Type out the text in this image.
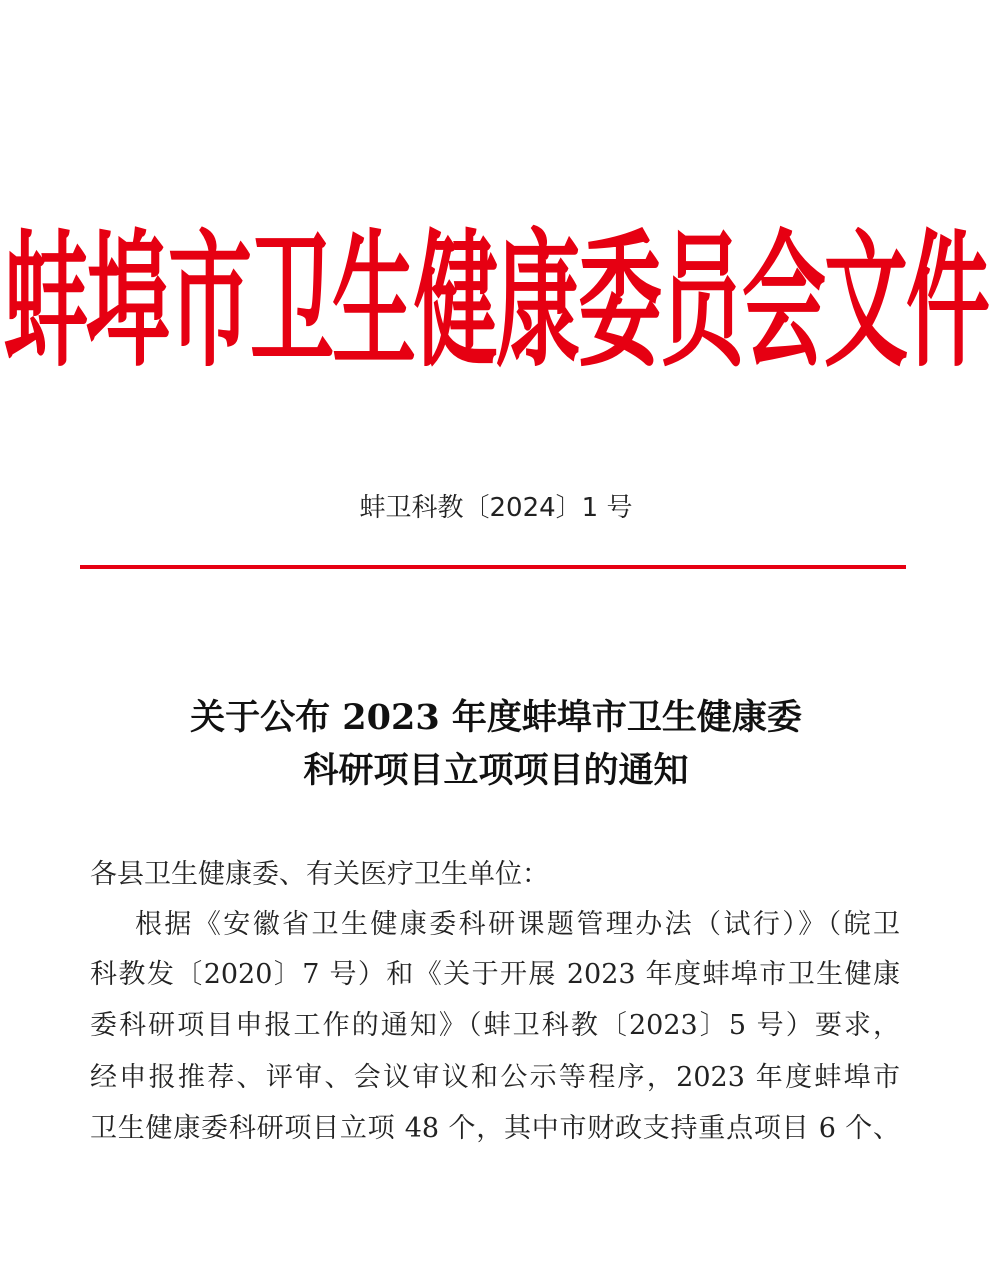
蚌埠市卫生健康委员会文件
蚌卫科教〔2024〕1 号
关于公布 2023 年度蚌埠市卫生健康委
科研项目立项项目的通知
各县卫生健康委、有关医疗卫生单位：
根据《安徽省卫生健康委科研课题管理办法（试行）》（皖卫
科教发〔2020〕7 号）和《关于开展 2023 年度蚌埠市卫生健康
委科研项目申报工作的通知》（蚌卫科教〔2023〕5 号）要求，
经申报推荐、评审、会议审议和公示等程序，2023 年度蚌埠市
卫生健康委科研项目立项 48 个，其中市财政支持重点项目 6 个、
